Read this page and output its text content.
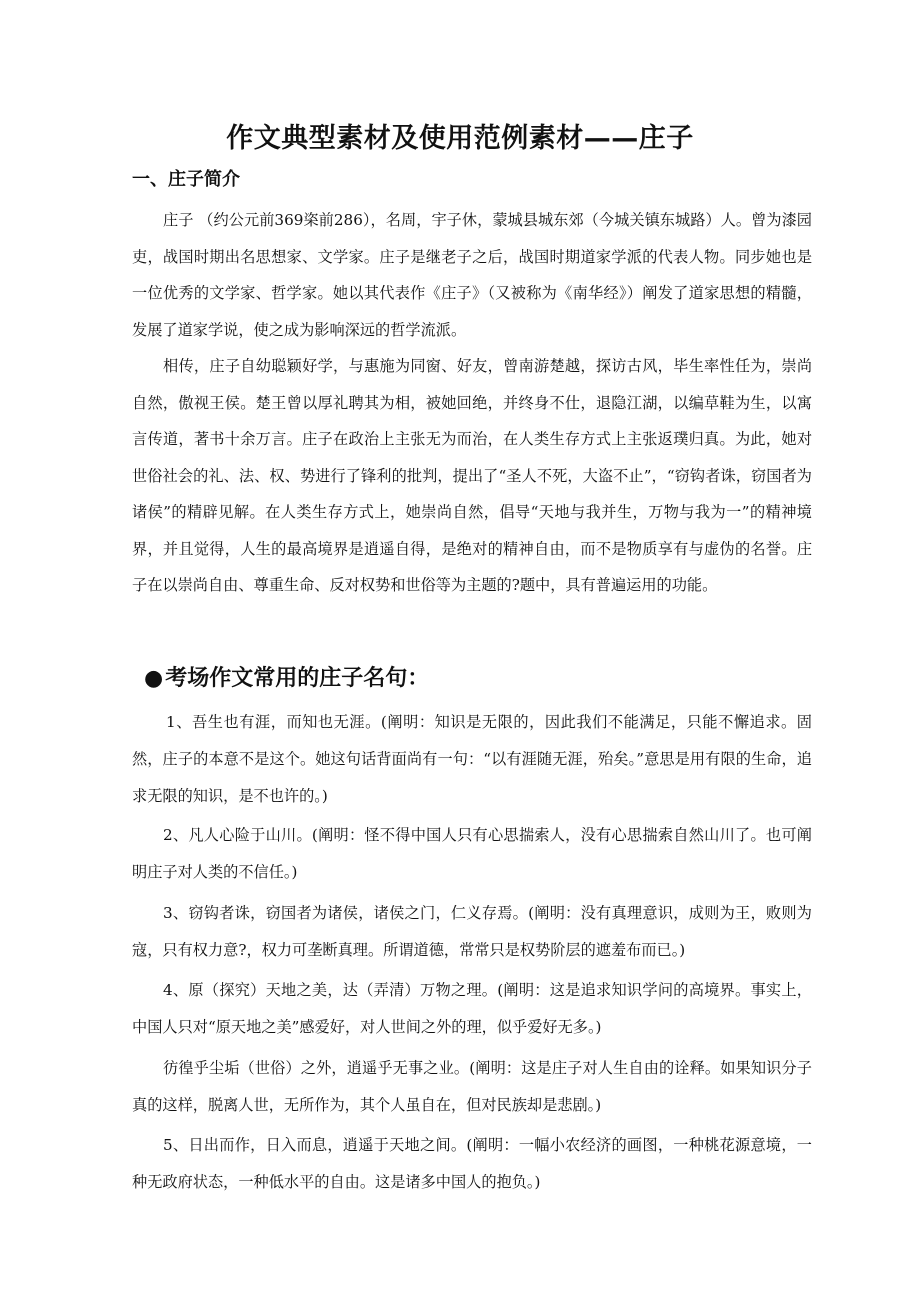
作文典型素材及使用范例素材——庄子
一、庄子简介

庄子 （约公元前369栥前286），名周，宇子休，蒙城县城东郊（今城关镇东城路）人。曾为漆园吏，战国时期出名思想家、文学家。庄子是继老子之后，战国时期道家学派的代表人物。同步她也是一位优秀的文学家、哲学家。她以其代表作《庄子》（又被称为《南华经》）阐发了道家思想的精髓，发展了道家学说，使之成为影响深远的哲学流派。

相传，庄子自幼聪颖好学，与惠施为同窗、好友，曾南游楚越，探访古风，毕生率性任为，崇尚自然，傲视王侯。楚王曾以厚礼聘其为相，被她回绝，并终身不仕，退隐江湖，以编草鞋为生，以寓言传道，著书十余万言。庄子在政治上主张无为而治，在人类生存方式上主张返璞归真。为此，她对世俗社会的礼、法、权、势进行了锋利的批判，提出了“圣人不死，大盗不止”，“窃钩者诛，窃国者为诸侯”的精辟见解。在人类生存方式上，她崇尚自然，倡导“天地与我并生，万物与我为一”的精神境界，并且觉得，人生的最高境界是逍遥自得，是绝对的精神自由，而不是物质享有与虚伪的名誉。庄子在以崇尚自由、尊重生命、反对权势和世俗等为主题的?题中，具有普遍运用的功能。

●考场作文常用的庄子名句：

1、吾生也有涯，而知也无涯。(阐明：知识是无限的，因此我们不能满足，只能不懈追求。固然，庄子的本意不是这个。她这句话背面尚有一句：“以有涯随无涯，殆矣。”意思是用有限的生命，追求无限的知识，是不也许的。)

2、凡人心险于山川。(阐明：怪不得中国人只有心思揣索人，没有心思揣索自然山川了。也可阐明庄子对人类的不信任。)

3、窃钩者诛，窃国者为诸侯，诸侯之门，仁义存焉。(阐明：没有真理意识，成则为王，败则为寇，只有权力意?，权力可垄断真理。所谓道德，常常只是权势阶层的遮羞布而已。)

4、原（探究）天地之美，达（弄清）万物之理。(阐明：这是追求知识学问的高境界。事实上，中国人只对“原天地之美”感爱好，对人世间之外的理，似乎爱好无多。)

彷徨乎尘垢（世俗）之外，逍遥乎无事之业。(阐明：这是庄子对人生自由的诠释。如果知识分子真的这样，脱离人世，无所作为，其个人虽自在，但对民族却是悲剧。)

5、日出而作，日入而息，逍遥于天地之间。(阐明：一幅小农经济的画图，一种桃花源意境，一种无政府状态，一种低水平的自由。这是诸多中国人的抱负。)
